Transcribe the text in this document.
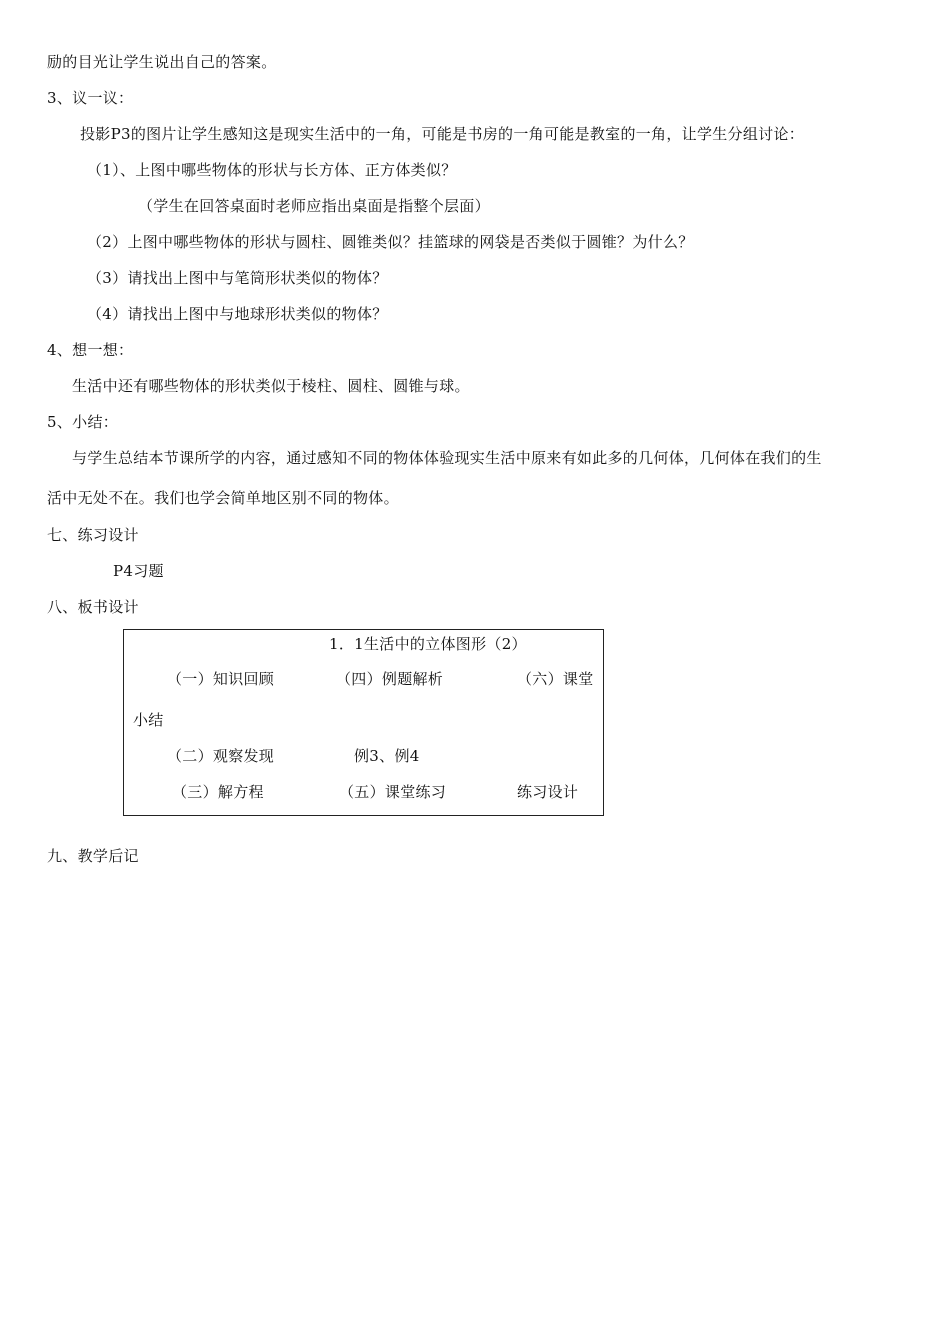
励的目光让学生说出自己的答案。
3、议一议：
投影P3的图片让学生感知这是现实生活中的一角，可能是书房的一角可能是教室的一角，让学生分组讨论：
（1）、上图中哪些物体的形状与长方体、正方体类似？
（学生在回答桌面时老师应指出桌面是指整个层面）
（2）上图中哪些物体的形状与圆柱、圆锥类似？挂篮球的网袋是否类似于圆锥？为什么？
（3）请找出上图中与笔筒形状类似的物体？
（4）请找出上图中与地球形状类似的物体？
4、想一想：
生活中还有哪些物体的形状类似于棱柱、圆柱、圆锥与球。
5、小结：
与学生总结本节课所学的内容，通过感知不同的物体体验现实生活中原来有如此多的几何体，几何体在我们的生
活中无处不在。我们也学会简单地区别不同的物体。
七、练习设计
P4习题
八、板书设计
1．1生活中的立体图形（2）
（一）知识回顾	（四）例题解析	（六）课堂
小结
（二）观察发现	例3、例4
（三）解方程	（五）课堂练习	练习设计
九、教学后记
